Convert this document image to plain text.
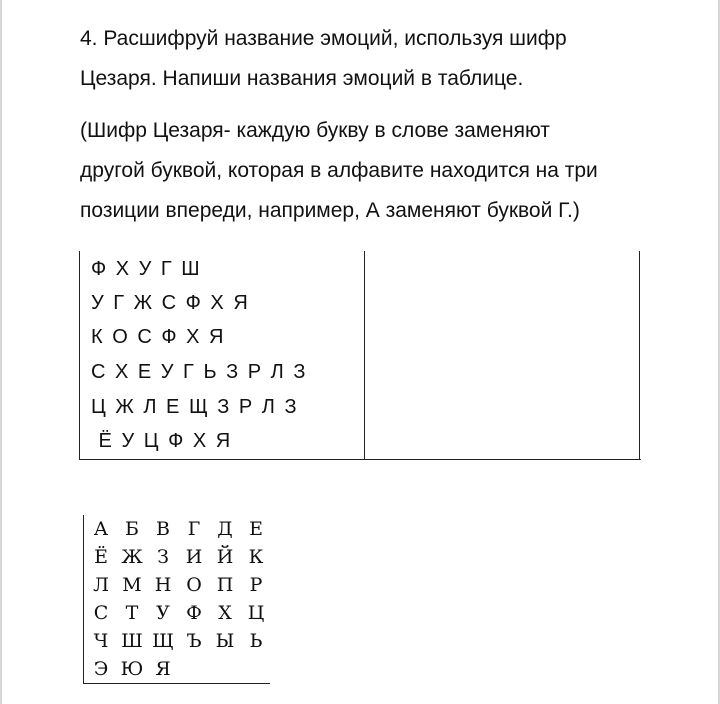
4. Расшифруй название эмоций, используя шифр
Цезаря. Напиши названия эмоций в таблице.
(Шифр Цезаря- каждую букву в слове заменяют
другой буквой, которая в алфавите находится на три
позиции впереди, например, А заменяют буквой Г.)
Ф Х У Г Ш
У Г Ж С Ф Х Я
К О С Ф Х Я
С Х Е У Г Ь З Р Л З
Ц Ж Л Е Щ З Р Л З
Ё У Ц Ф Х Я
А Б В Г Д Е
Ё Ж З И Й К
Л М Н О П Р
С Т У Ф Х Ц
Ч Ш Щ Ъ Ы Ь
Э Ю Я
